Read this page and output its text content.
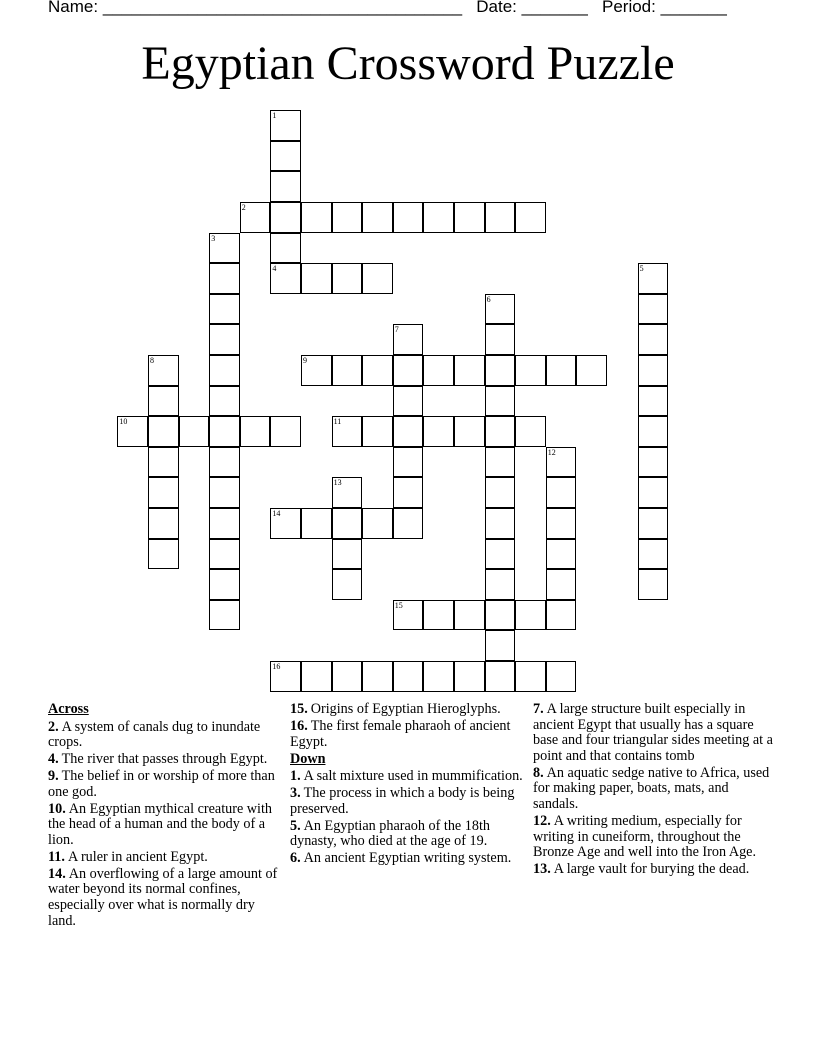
Name: ______________________________________ Date: _______ Period: _______
Egyptian Crossword Puzzle
1
2
3
4	5
6
7
8	9
10	11
12
13
14
15
16
Across
2. A system of canals dug to inundate crops.
4. The river that passes through Egypt.
9. The belief in or worship of more than one god.
10. An Egyptian mythical creature with the head of a human and the body of a lion.
11. A ruler in ancient Egypt.
14. An overflowing of a large amount of water beyond its normal confines, especially over what is normally dry land.
15. Origins of Egyptian Hieroglyphs.
16. The first female pharaoh of ancient Egypt.
Down
1. A salt mixture used in mummification.
3. The process in which a body is being preserved.
5. An Egyptian pharaoh of the 18th dynasty, who died at the age of 19.
6. An ancient Egyptian writing system.
7. A large structure built especially in ancient Egypt that usually has a square base and four triangular sides meeting at a point and that contains tomb
8. An aquatic sedge native to Africa, used for making paper, boats, mats, and sandals.
12. A writing medium, especially for writing in cuneiform, throughout the Bronze Age and well into the Iron Age.
13. A large vault for burying the dead.
